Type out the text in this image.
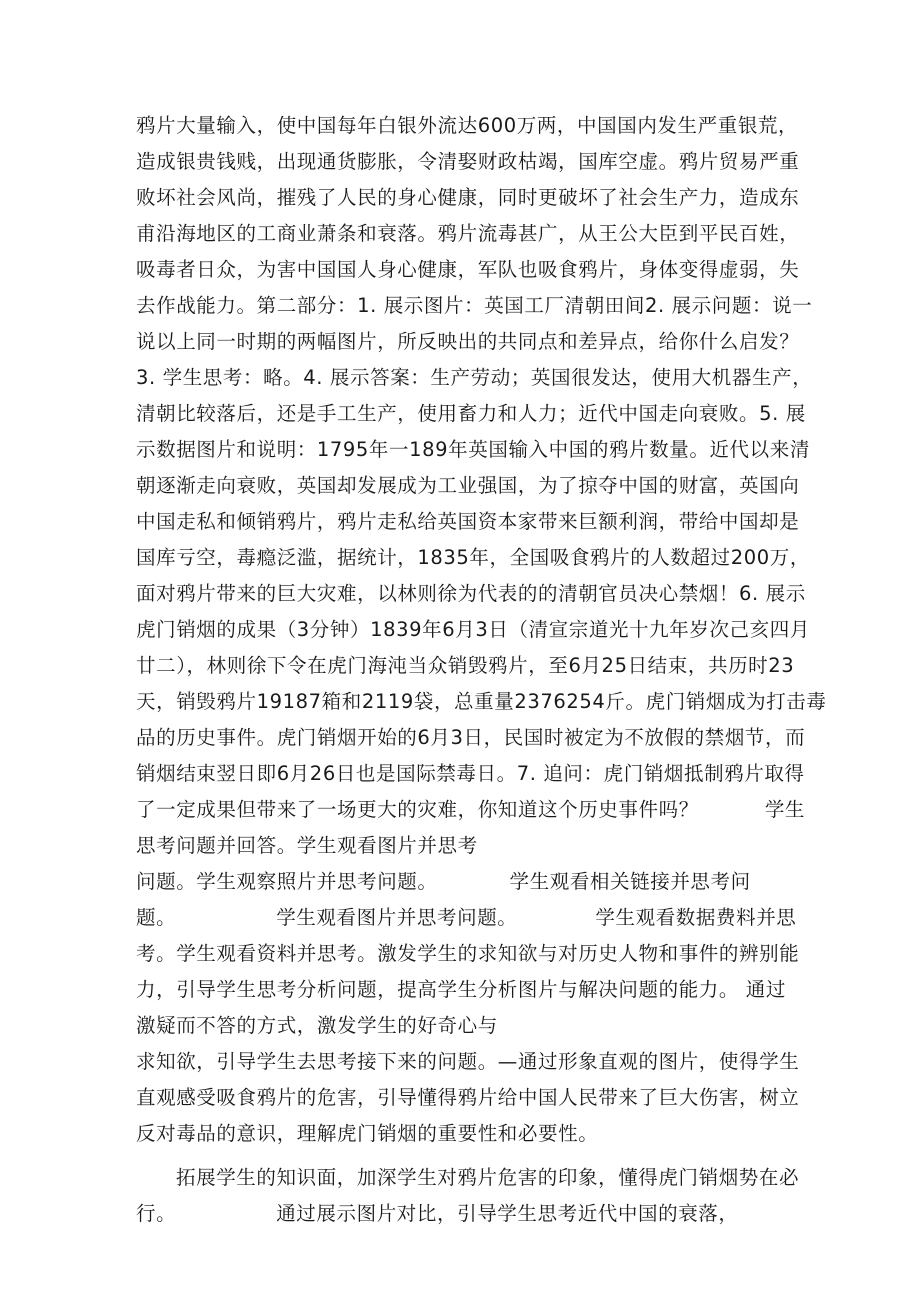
鸦片大量输入，使中国每年白银外流达600万两，中国国内发生严重银荒，
造成银贵钱贱，出现通货膨胀，令清娶财政枯竭，国库空虚。鸦片贸易严重
败坏社会风尚，摧残了人民的身心健康，同时更破坏了社会生产力，造成东
甫沿海地区的工商业萧条和衰落。鸦片流毒甚广，从王公大臣到平民百姓，
吸毒者日众，为害中国国人身心健康，军队也吸食鸦片，身体变得虚弱，失
去作战能力。第二部分：1. 展示图片：英国工厂清朝田间2. 展示问题：说一
说以上同一时期的两幅图片，所反映出的共同点和差异点，给你什么启发？
3. 学生思考：略。4. 展示答案：生产劳动；英国很发达，使用大机器生产，
清朝比较落后，还是手工生产，使用畜力和人力；近代中国走向衰败。5. 展
示数据图片和说明：1795年一189年英国输入中国的鸦片数量。近代以来清
朝逐渐走向衰败，英国却发展成为工业强国，为了掠夺中国的财富，英国向
中国走私和倾销鸦片，鸦片走私给英国资本家带来巨额利润，带给中国却是
国库亏空，毒瘾泛滥，据统计，1835年，全国吸食鸦片的人数超过200万，
面对鸦片带来的巨大灾难，以林则徐为代表的的清朝官员决心禁烟！6. 展示
虎门销烟的成果（3分钟）1839年6月3日（清宣宗道光十九年岁次己亥四月
廿二），林则徐下令在虎门海沌当众销毁鸦片，至6月25日结束，共历时23
天，销毁鸦片19187箱和2119袋，总重量2376254斤。虎门销烟成为打击毒
品的历史事件。虎门销烟开始的6月3日，民国时被定为不放假的禁烟节，而
销烟结束翌日即6月26日也是国际禁毒日。7. 追问：虎门销烟抵制鸦片取得
了一定成果但带来了一场更大的灾难，你知道这个历史事件吗？	学生
思考问题并回答。学生观看图片并思考
问题。学生观察照片并思考问题。	学生观看相关链接并思考问
题。	学生观看图片并思考问题。	学生观看数据费料并思
考。学生观看资料并思考。激发学生的求知欲与对历史人物和事件的辨别能
力，引导学生思考分析问题，提高学生分析图片与解决问题的能力。 通过
激疑而不答的方式，激发学生的好奇心与
求知欲，引导学生去思考接下来的问题。—通过形象直观的图片，使得学生
直观感受吸食鸦片的危害，引导懂得鸦片给中国人民带来了巨大伤害，树立
反对毒品的意识，理解虎门销烟的重要性和必要性。
拓展学生的知识面，加深学生对鸦片危害的印象，懂得虎门销烟势在必
行。	通过展示图片对比，引导学生思考近代中国的衰落，
